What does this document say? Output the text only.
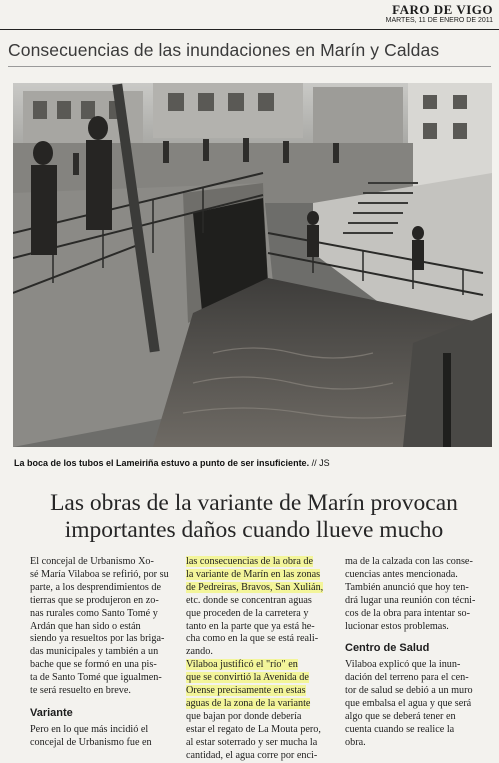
FARO DE VIGO
MARTES, 11 DE ENERO DE 2011
Consecuencias de las inundaciones en Marín y Caldas
La boca de los tubos el Lameiriña estuvo a punto de ser insuficiente. // JS
Las obras de la variante de Marín provocan
importantes daños cuando llueve mucho
El concejal de Urbanismo Xo-
sé María Vilaboa se refirió, por su
parte, a los desprendimientos de
tierras que se produjeron en zo-
nas rurales como Santo Tomé y
Ardán que han sido o están
siendo ya resueltos por las briga-
das municipales y también a un
bache que se formó en una pis-
ta de Santo Tomé que igualmen-
te será resuelto en breve.
Variante
Pero en lo que más incidió el
concejal de Urbanismo fue en
las consecuencias de la obra de
la variante de Marín en las zonas
de Pedreiras, Bravos, San Xulián,
etc. donde se concentran aguas
que proceden de la carretera y
tanto en la parte que ya está he-
cha como en la que se está reali-
zando.
Vilaboa justificó el "río" en
que se convirtió la Avenida de
Orense precisamente en estas
aguas de la zona de la variante
que bajan por donde debería
estar el regato de La Mouta pero,
al estar soterrado y ser mucha la
cantidad, el agua corre por enci-
ma de la calzada con las conse-
cuencias antes mencionada.
También anunció que hoy ten-
drá lugar una reunión con técni-
cos de la obra para intentar so-
lucionar estos problemas.
Centro de Salud
Vilaboa explicó que la inun-
dación del terreno para el cen-
tor de salud se debió a un muro
que embalsa el agua y que será
algo que se deberá tener en
cuenta cuando se realice la
obra.
